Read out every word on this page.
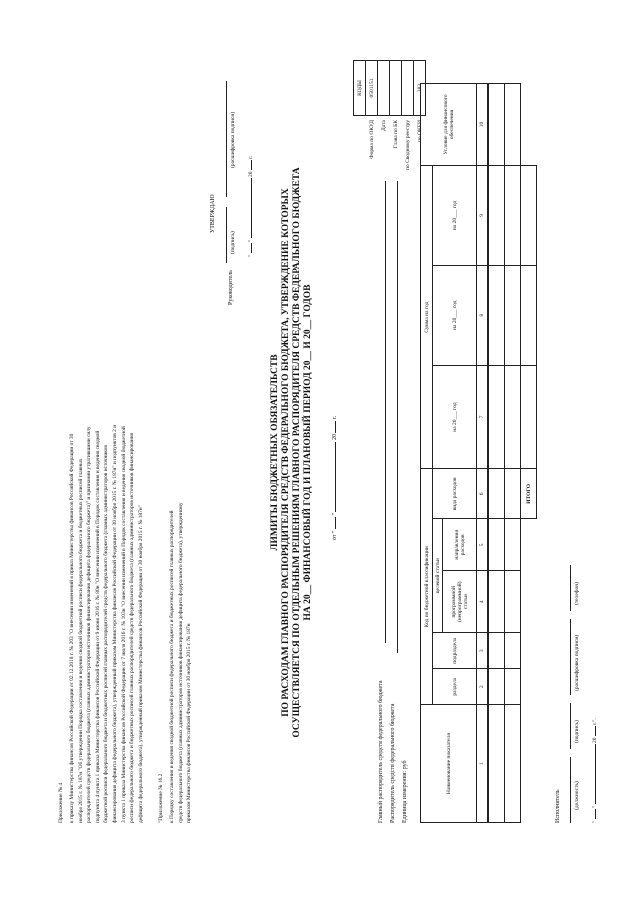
Приложение № 4 к приказу Министерства финансов Российской Федерации от 02.12.2018 г. № 203 "О внесении изменений в приказ Министерства финансов Российской Федерации от 30 ноября 2015 г. № 187н "Об утверждении Порядка составления и ведения сводной бюджетной росписи федерального бюджета и бюджетных росписей главных распорядителей средств федерального бюджета (главных администраторов источников финансирования дефицита федерального бюджета)" и признании утратившими силу подпункта 4 пункта 1 приказа Министерства финансов Российской Федерации от 9 июня 2016 г. № 80н "О внесении изменений в Порядок составления и ведения сводной бюджетной росписи федерального бюджета и бюджетных росписей главных распорядителей средств федерального бюджета (главных администраторов источников финансирования дефицита федерального бюджета), утвержденный приказом Министерства финансов Российской Федерации от 30 ноября 2015 г. № 187н" и подпунктов 2 и 3 пункта 1 приказа Министерства финансов Российской Федерации от 7 июля 2016 г. № 103н "О внесении изменений в Порядок составления и ведения сводной бюджетной росписи федерального бюджета и бюджетных росписей главных распорядителей средств федерального бюджета (главных администраторов источников финансирования дефицита федерального бюджета), утвержденный приказом Министерства финансов Российской Федерации от 30 ноября 2015 г. № 187н"	"Приложение № 16.2 к Порядку составления и ведения сводной бюджетной росписи федерального бюджета и бюджетных росписей главных распорядителей средств федерального бюджета (главных администраторов источников финансирования дефицита федерального бюджета), утвержденному приказом Министерства финансов Российской Федерации от 30 ноября 2015 г. № 187н
УТВЕРЖДАЮ
Руководитель
(подпись)
(расшифровка подписи)
"  "  20  г.
ЛИМИТЫ БЮДЖЕТНЫХ ОБЯЗАТЕЛЬСТВ ПО РАСХОДАМ ГЛАВНОГО РАСПОРЯДИТЕЛЯ СРЕДСТВ ФЕДЕРАЛЬНОГО БЮДЖЕТА, УТВЕРЖДЕНИЕ КОТОРЫХ ОСУЩЕСТВЛЯЕТСЯ ПО ОТДЕЛЬНЫМ РЕШЕНИЯМ ГЛАВНОГО РАСПОРЯДИТЕЛЯ СРЕДСТВ ФЕДЕРАЛЬНОГО БЮДЖЕТА НА 20__ ФИНАНСОВЫЙ ГОД И ПЛАНОВЫЙ ПЕРИОД 20__ И 20__ ГОДОВ	от "  "  20  г.
Главный распорядитель средств федерального бюджета Распорядитель средств федерального бюджета Единица измерения: руб
	КОДЫ
Форма по ОКУД	0501151
Дата	
Глава по БК	
по Сводному реестру	
по ОКЕИ	383
Наименование показателя	Код по бюджетной классификации					Сумма на год			Условие для финансового обеспечения
	раздела	подраздела	целевой статьи		вида расходов	на 20___ год	на 20___ год	на 20___ год	
			программной (непрограммной) статьи	направления расходов					
1	2	3	4	5	6	7	8	9	10

					ИТОГО				
Исполнитель (должность)
(подпись)
(расшифровка подписи)
(телефон)
"  "  20  г.".
